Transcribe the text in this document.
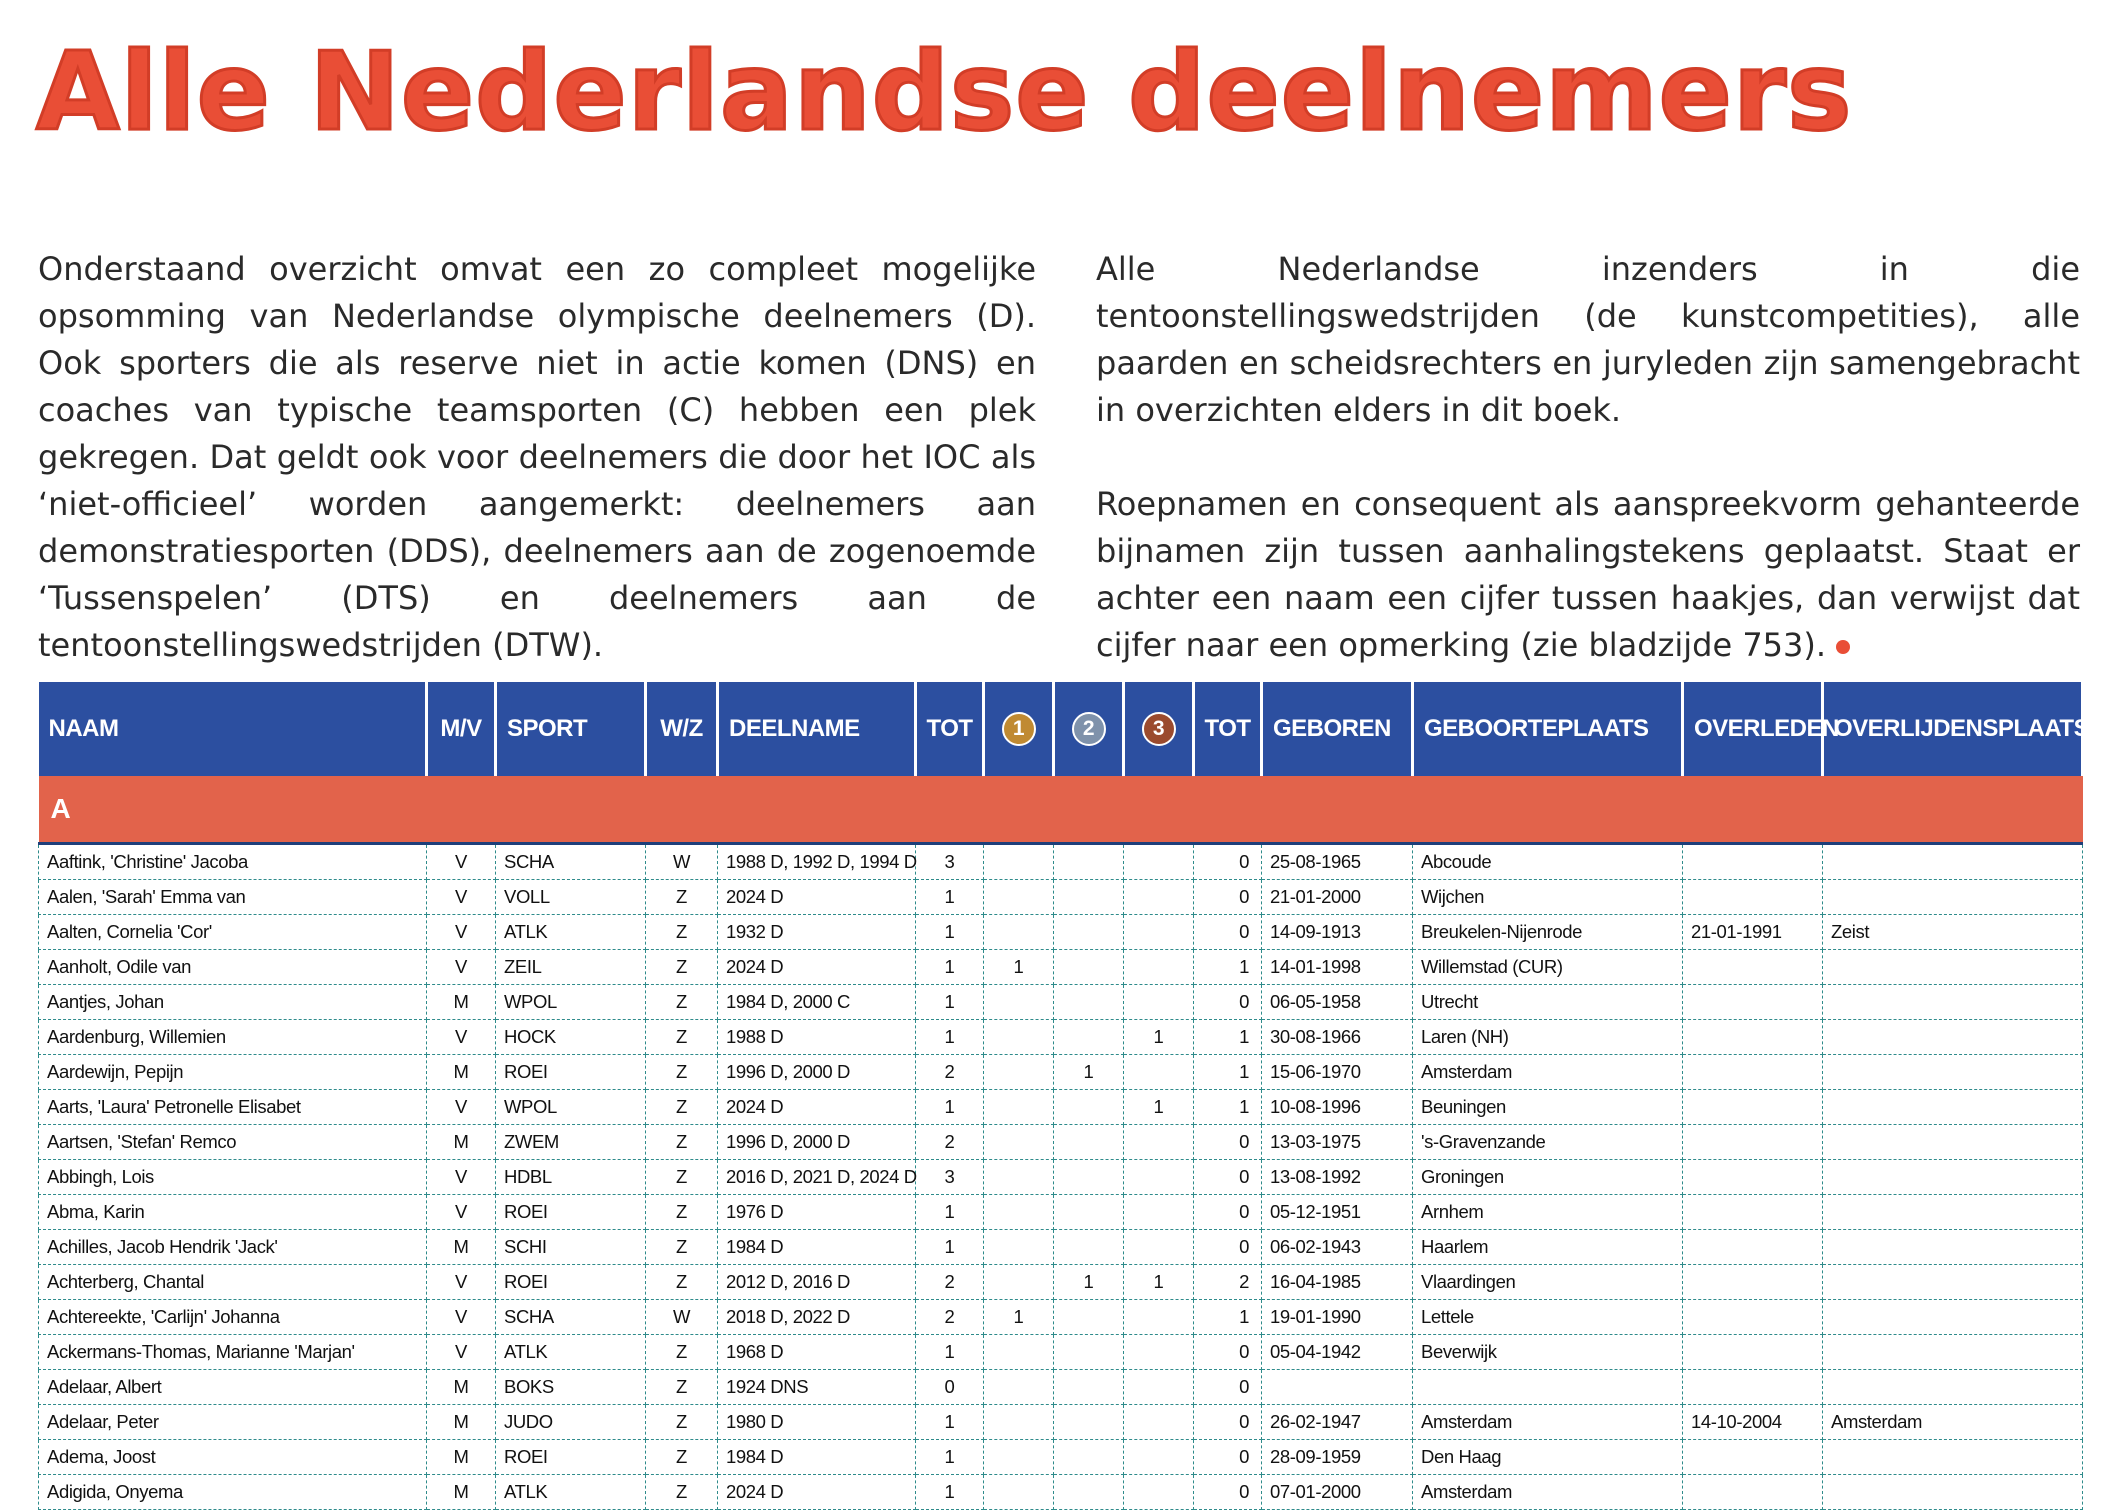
Alle Nederlandse deelnemers

Onderstaand overzicht omvat een zo compleet mogelijke opsomming van Nederlandse olympische deelnemers (D). Ook sporters die als reserve niet in actie komen (DNS) en coaches van typische teamsporten (C) hebben een plek gekregen. Dat geldt ook voor deelnemers die door het IOC als ‘niet-officieel’ worden aangemerkt: deelnemers aan demonstratiesporten (DDS), deelnemers aan de zogenoemde ‘Tussenspelen’ (DTS) en deelnemers aan de tentoonstellingswedstrijden (DTW).

Alle Nederlandse inzenders in die tentoonstellingswedstrijden (de kunstcompetities), alle paarden en scheidsrechters en juryleden zijn samengebracht in overzichten elders in dit boek.

Roepnamen en consequent als aanspreekvorm gehanteerde bijnamen zijn tussen aanhalingstekens geplaatst. Staat er achter een naam een cijfer tussen haakjes, dan verwijst dat cijfer naar een opmerking (zie bladzijde 753).

NAAM	M/V	SPORT	W/Z	DEELNAME	TOT	1	2	3	TOT	GEBOREN	GEBOORTEPLAATS	OVERLEDEN	OVERLIJDENSPLAATS
A													
Aaftink, 'Christine' Jacoba	V	SCHA	W	1988 D, 1992 D, 1994 D	3				0	25-08-1965	Abcoude		
Aalen, 'Sarah' Emma van	V	VOLL	Z	2024 D	1				0	21-01-2000	Wijchen		
Aalten, Cornelia 'Cor'	V	ATLK	Z	1932 D	1				0	14-09-1913	Breukelen-Nijenrode	21-01-1991	Zeist
Aanholt, Odile van	V	ZEIL	Z	2024 D	1	1			1	14-01-1998	Willemstad (CUR)		
Aantjes, Johan	M	WPOL	Z	1984 D, 2000 C	1				0	06-05-1958	Utrecht		
Aardenburg, Willemien	V	HOCK	Z	1988 D	1			1	1	30-08-1966	Laren (NH)		
Aardewijn, Pepijn	M	ROEI	Z	1996 D, 2000 D	2		1		1	15-06-1970	Amsterdam		
Aarts, 'Laura' Petronelle Elisabet	V	WPOL	Z	2024 D	1			1	1	10-08-1996	Beuningen		
Aartsen, 'Stefan' Remco	M	ZWEM	Z	1996 D, 2000 D	2				0	13-03-1975	's-Gravenzande		
Abbingh, Lois	V	HDBL	Z	2016 D, 2021 D, 2024 D	3				0	13-08-1992	Groningen		
Abma, Karin	V	ROEI	Z	1976 D	1				0	05-12-1951	Arnhem		
Achilles, Jacob Hendrik 'Jack'	M	SCHI	Z	1984 D	1				0	06-02-1943	Haarlem		
Achterberg, Chantal	V	ROEI	Z	2012 D, 2016 D	2		1	1	2	16-04-1985	Vlaardingen		
Achtereekte, 'Carlijn' Johanna	V	SCHA	W	2018 D, 2022 D	2	1			1	19-01-1990	Lettele		
Ackermans-Thomas, Marianne 'Marjan'	V	ATLK	Z	1968 D	1				0	05-04-1942	Beverwijk		
Adelaar, Albert	M	BOKS	Z	1924 DNS	0				0				
Adelaar, Peter	M	JUDO	Z	1980 D	1				0	26-02-1947	Amsterdam	14-10-2004	Amsterdam
Adema, Joost	M	ROEI	Z	1984 D	1				0	28-09-1959	Den Haag		
Adigida, Onyema	M	ATLK	Z	2024 D	1				0	07-01-2000	Amsterdam		
